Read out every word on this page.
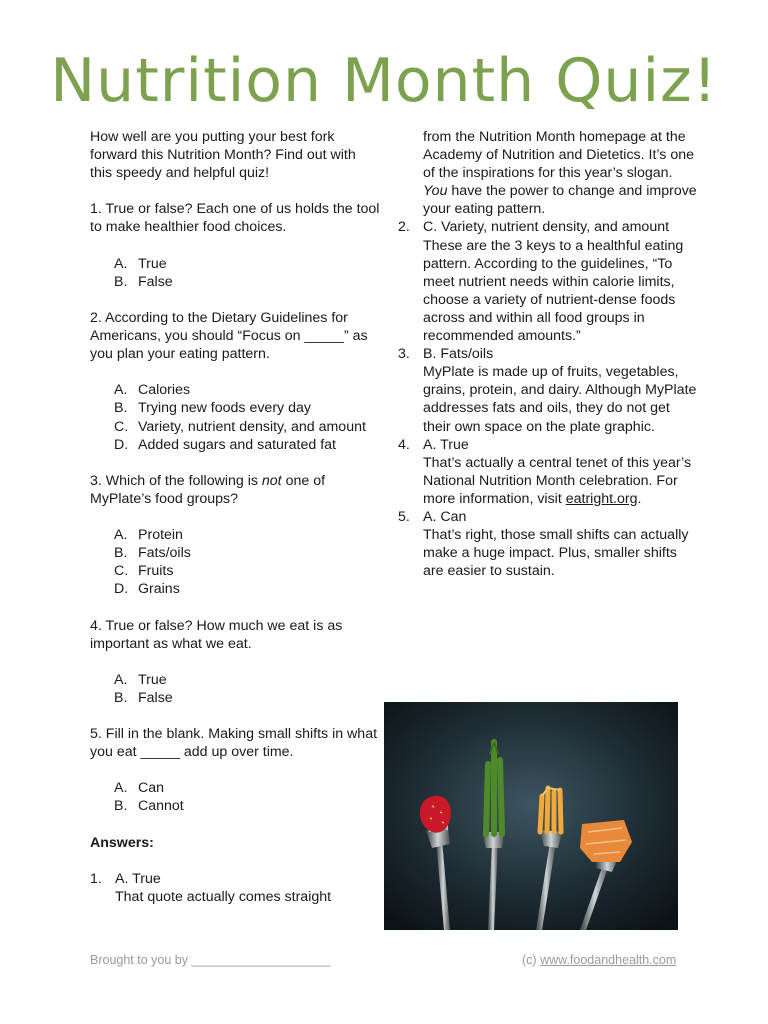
Nutrition Month Quiz!

How well are you putting your best fork forward this Nutrition Month? Find out with this speedy and helpful quiz!

1. True or false? Each one of us holds the tool to make healthier food choices.

A. True
B. False

2. According to the Dietary Guidelines for Americans, you should “Focus on _____” as you plan your eating pattern.

A. Calories
B. Trying new foods every day
C. Variety, nutrient density, and amount
D. Added sugars and saturated fat

3. Which of the following is not one of MyPlate’s food groups?

A. Protein
B. Fats/oils
C. Fruits
D. Grains

4. True or false? How much we eat is as important as what we eat.

A. True
B. False

5. Fill in the blank. Making small shifts in what you eat _____ add up over time.

A. Can
B. Cannot

Answers:

1. A. True
That quote actually comes straight

from the Nutrition Month homepage at the Academy of Nutrition and Dietetics. It’s one of the inspirations for this year’s slogan. You have the power to change and improve your eating pattern.

2. C. Variety, nutrient density, and amount

These are the 3 keys to a healthful eating pattern. According to the guidelines, “To meet nutrient needs within calorie limits, choose a variety of nutrient-dense foods across and within all food groups in recommended amounts.”

3. B. Fats/oils

MyPlate is made up of fruits, vegetables, grains, protein, and dairy. Although MyPlate addresses fats and oils, they do not get their own space on the plate graphic.

4. A. True

That’s actually a central tenet of this year’s National Nutrition Month celebration. For more information, visit eatright.org.

5. A. Can

That’s right, those small shifts can actually make a huge impact. Plus, smaller shifts are easier to sustain.

Brought to you by ____________________	(c) www.foodandhealth.com
